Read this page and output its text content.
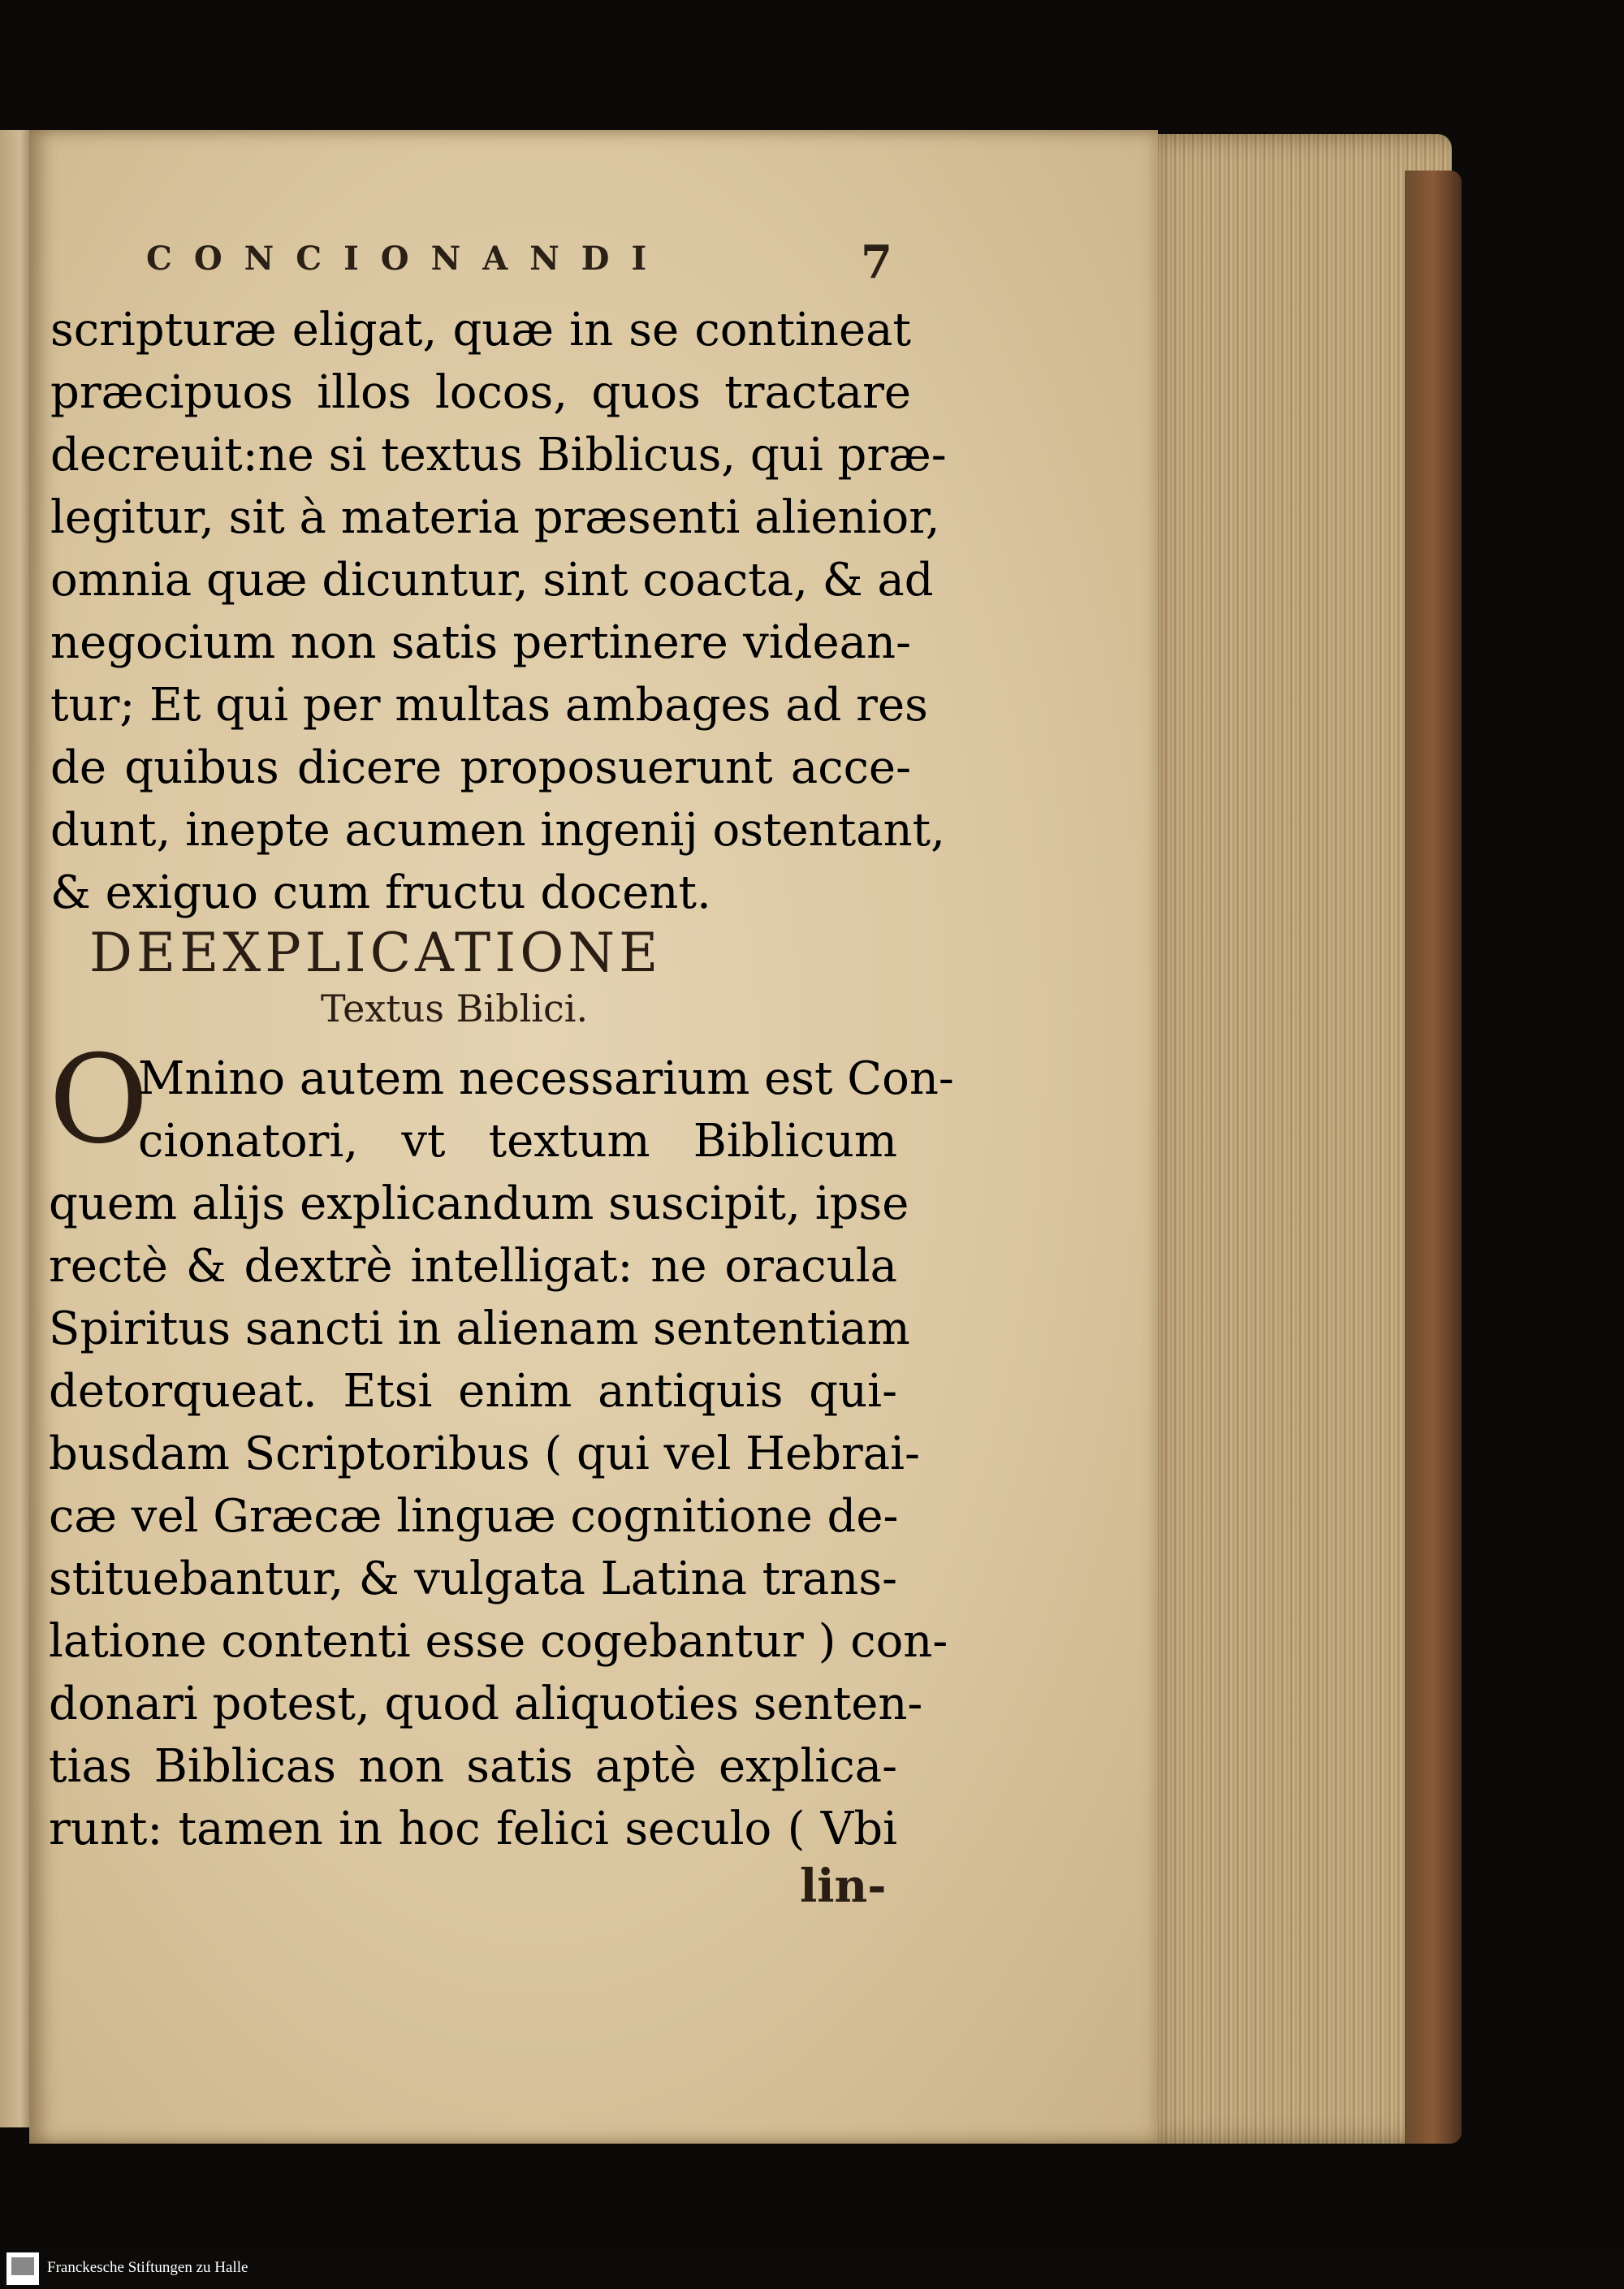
CONCIONANDI	7
scripturæ eligat, quæ in se contineat
præcipuos illos locos, quos tractare
decreuit:ne si textus Biblicus, qui præ-
legitur, sit à materia præsenti alienior,
omnia quæ dicuntur, sint coacta, & ad
negocium non satis pertinere videan-
tur; Et qui per multas ambages ad res
de quibus dicere proposuerunt acce-
dunt, inepte acumen ingenij ostentant,
& exiguo cum fructu docent.
DEEXPLICATIONE
Textus Biblici.
O
Mnino autem necessarium est Con-
cionatori, vt textum Biblicum
quem alijs explicandum suscipit, ipse
rectè & dextrè intelligat: ne oracula
Spiritus sancti in alienam sententiam
detorqueat. Etsi enim antiquis qui-
busdam Scriptoribus ( qui vel Hebrai-
cæ vel Græcæ linguæ cognitione de-
stituebantur, & vulgata Latina trans-
latione contenti esse cogebantur ) con-
donari potest, quod aliquoties senten-
tias Biblicas non satis aptè explica-
runt: tamen in hoc felici seculo ( Vbi
lin-
Franckesche Stiftungen zu Halle
